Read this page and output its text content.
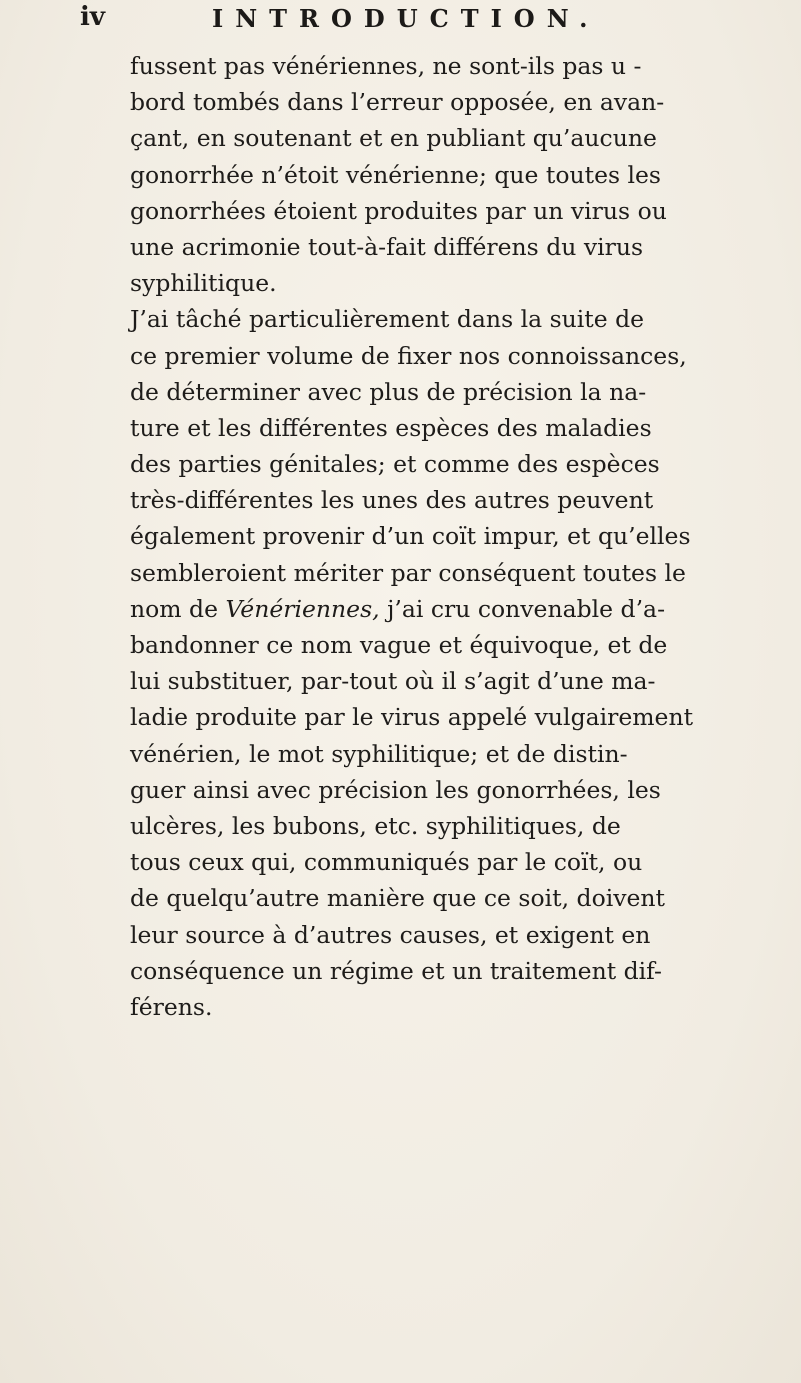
iv	INTRODUCTION.
fussent pas vénériennes, ne sont-ils pas u -
bord tombés dans l’erreur opposée, en avan-
çant, en soutenant et en publiant qu’aucune
gonorrhée n’étoit vénérienne; que toutes les
gonorrhées étoient produites par un virus ou
une acrimonie tout-à-fait différens du virus
syphilitique.
J’ai tâché particulièrement dans la suite de
ce premier volume de fixer nos connoissances,
de déterminer avec plus de précision la na-
ture et les différentes espèces des maladies
des parties génitales; et comme des espèces
très-différentes les unes des autres peuvent
également provenir d’un coït impur, et qu’elles
sembleroient mériter par conséquent toutes le
nom de Vénériennes, j’ai cru convenable d’a-
bandonner ce nom vague et équivoque, et de
lui substituer, par-tout où il s’agit d’une ma-
ladie produite par le virus appelé vulgairement
vénérien, le mot syphilitique; et de distin-
guer ainsi avec précision les gonorrhées, les
ulcères, les bubons, etc. syphilitiques, de
tous ceux qui, communiqués par le coït, ou
de quelqu’autre manière que ce soit, doivent
leur source à d’autres causes, et exigent en
conséquence un régime et un traitement dif-
férens.
